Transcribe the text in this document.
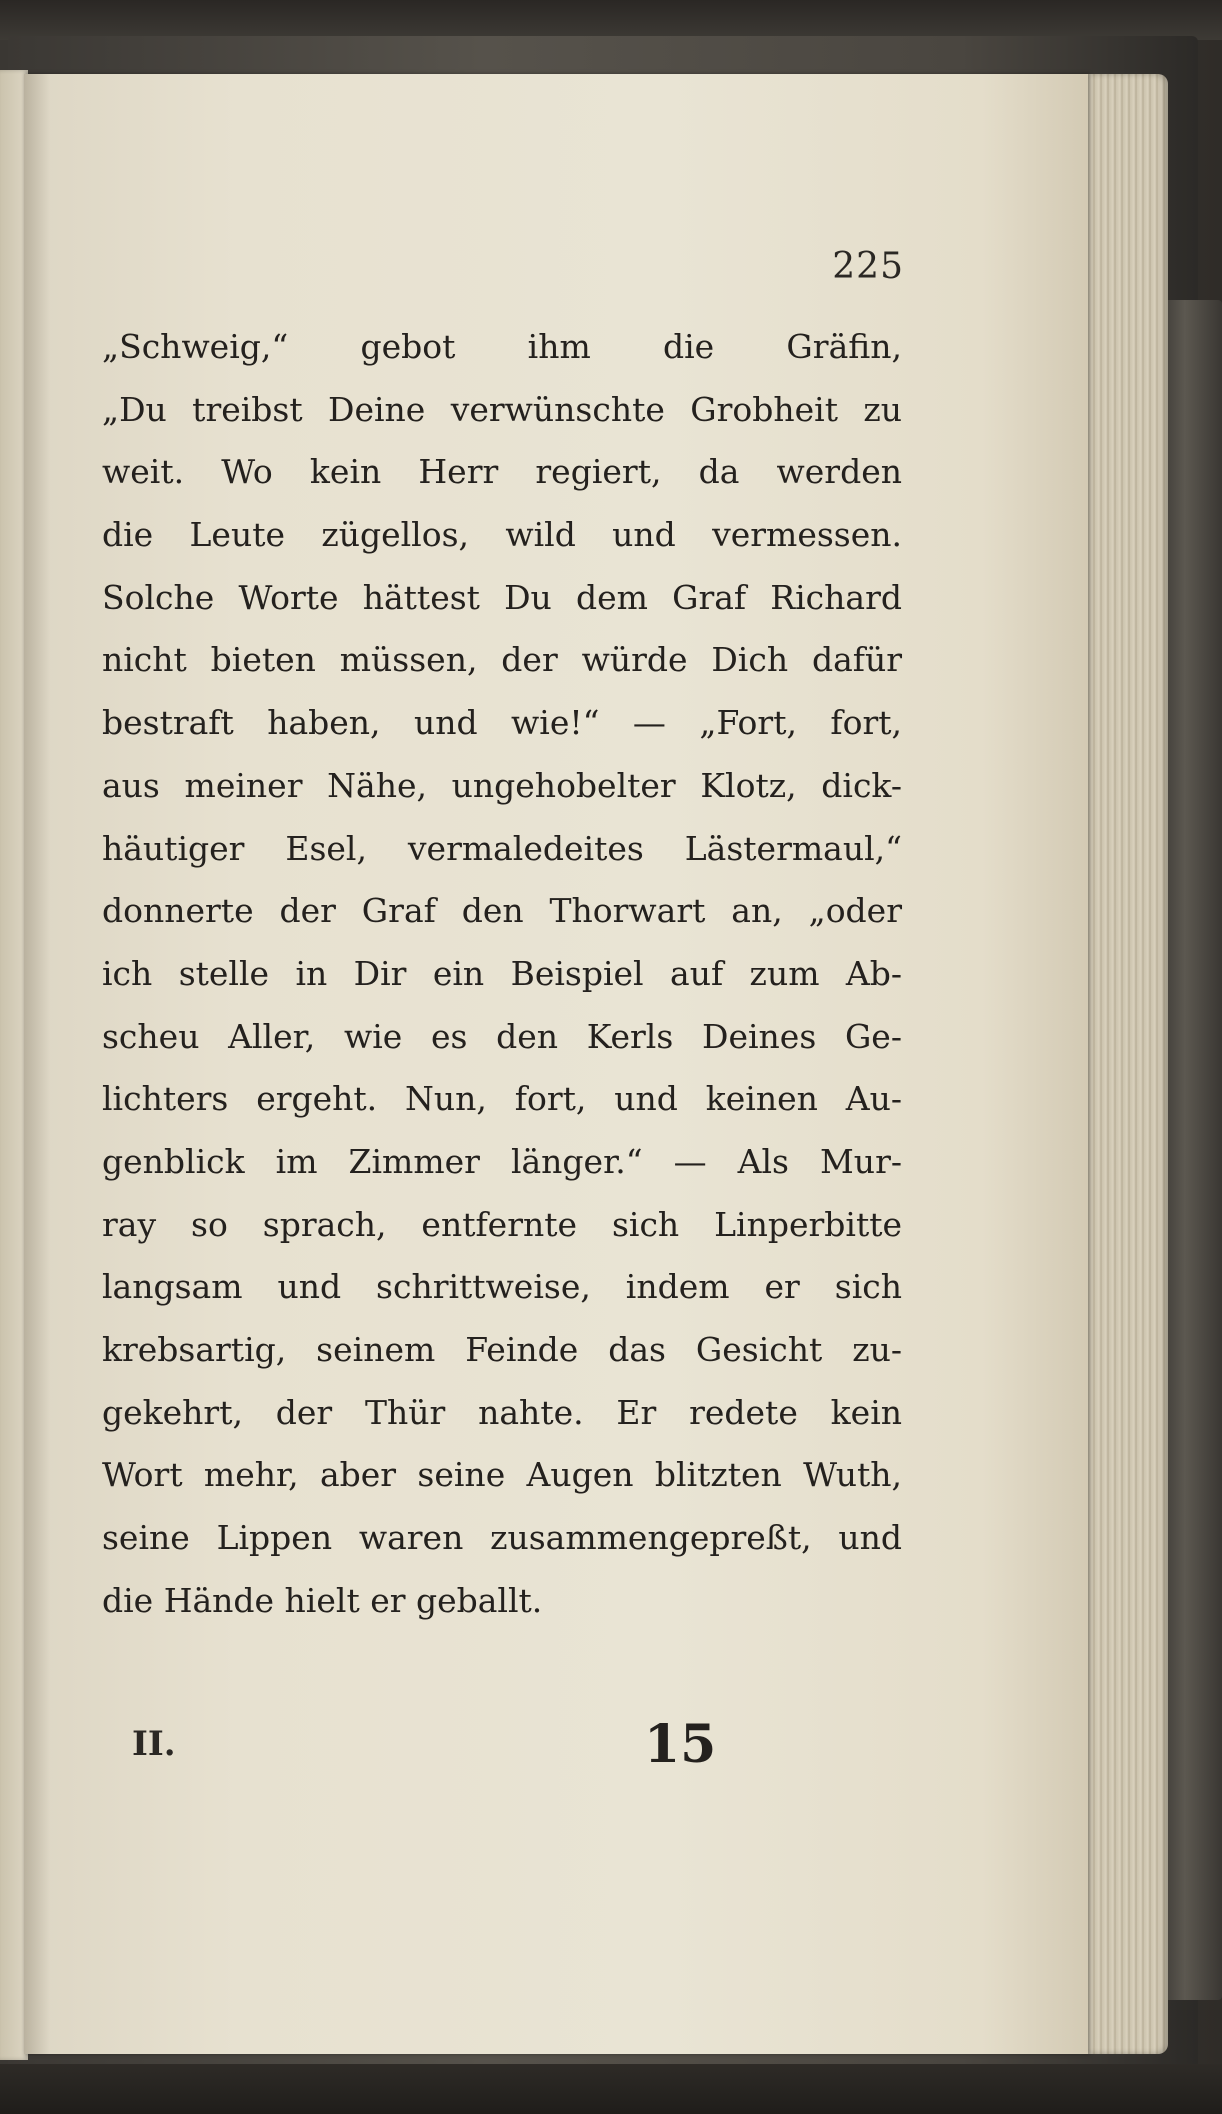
225
„Schweig,“ gebot ihm die Gräfin,
„Du treibst Deine verwünschte Grobheit zu
weit. Wo kein Herr regiert, da werden
die Leute zügellos, wild und vermessen.
Solche Worte hättest Du dem Graf Richard
nicht bieten müssen, der würde Dich dafür
bestraft haben, und wie!“ — „Fort, fort,
aus meiner Nähe, ungehobelter Klotz, dick-
häutiger Esel, vermaledeites Lästermaul,“
donnerte der Graf den Thorwart an, „oder
ich stelle in Dir ein Beispiel auf zum Ab-
scheu Aller, wie es den Kerls Deines Ge-
lichters ergeht. Nun, fort, und keinen Au-
genblick im Zimmer länger.“ — Als Mur-
ray so sprach, entfernte sich Linperbitte
langsam und schrittweise, indem er sich
krebsartig, seinem Feinde das Gesicht zu-
gekehrt, der Thür nahte. Er redete kein
Wort mehr, aber seine Augen blitzten Wuth,
seine Lippen waren zusammengepreßt, und
die Hände hielt er geballt.
II.	15
